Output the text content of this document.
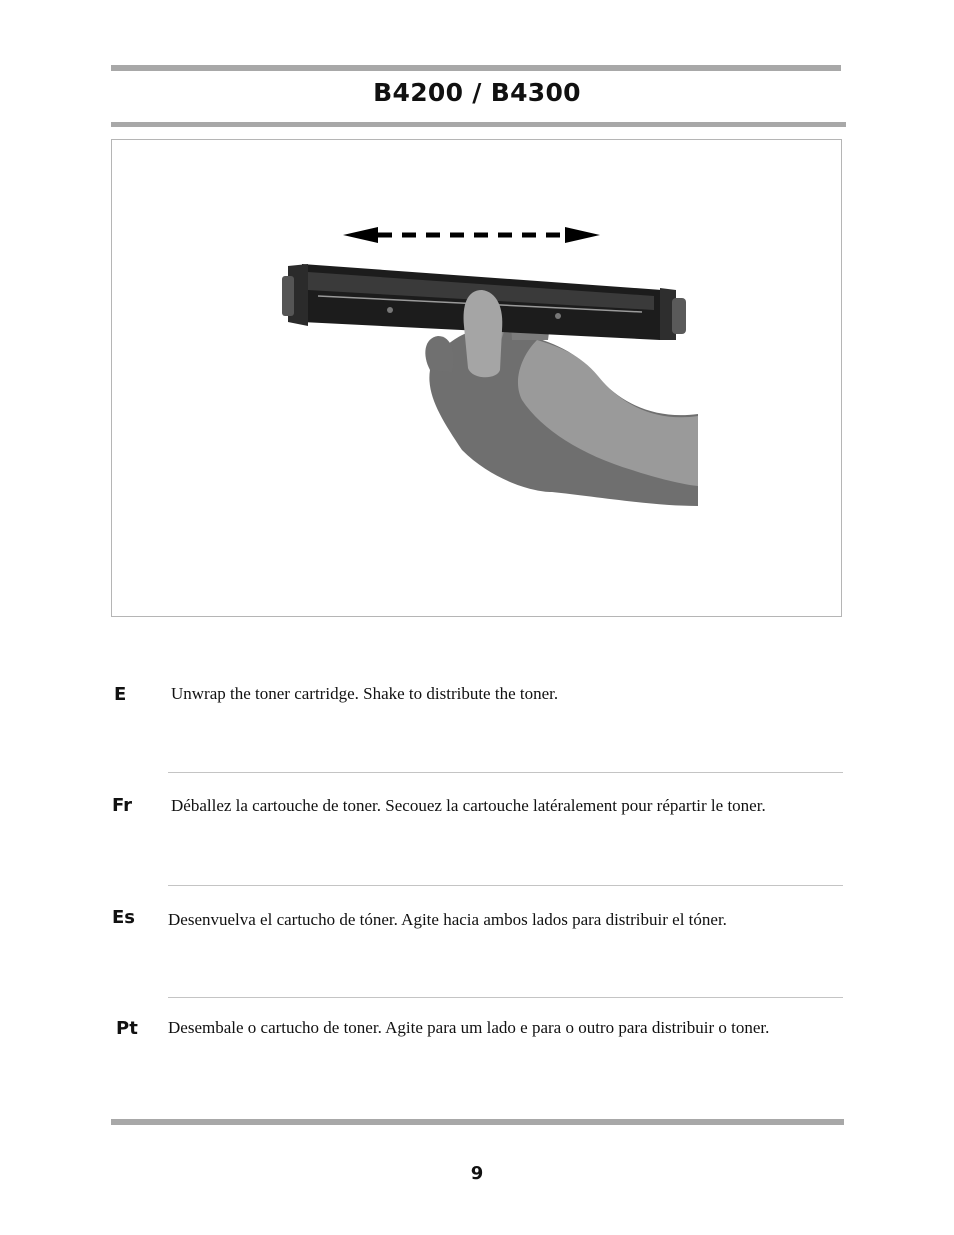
B4200 / B4300
E	Unwrap the toner cartridge. Shake to distribute the toner.
Fr Déballez la cartouche de toner. Secouez la cartouche latéralement pour répartir le toner.
Es Desenvuelva el cartucho de tóner. Agite hacia ambos lados para distribuir el tóner.
Pt Desembale o cartucho de toner. Agite para um lado e para o outro para distribuir o toner.
9
